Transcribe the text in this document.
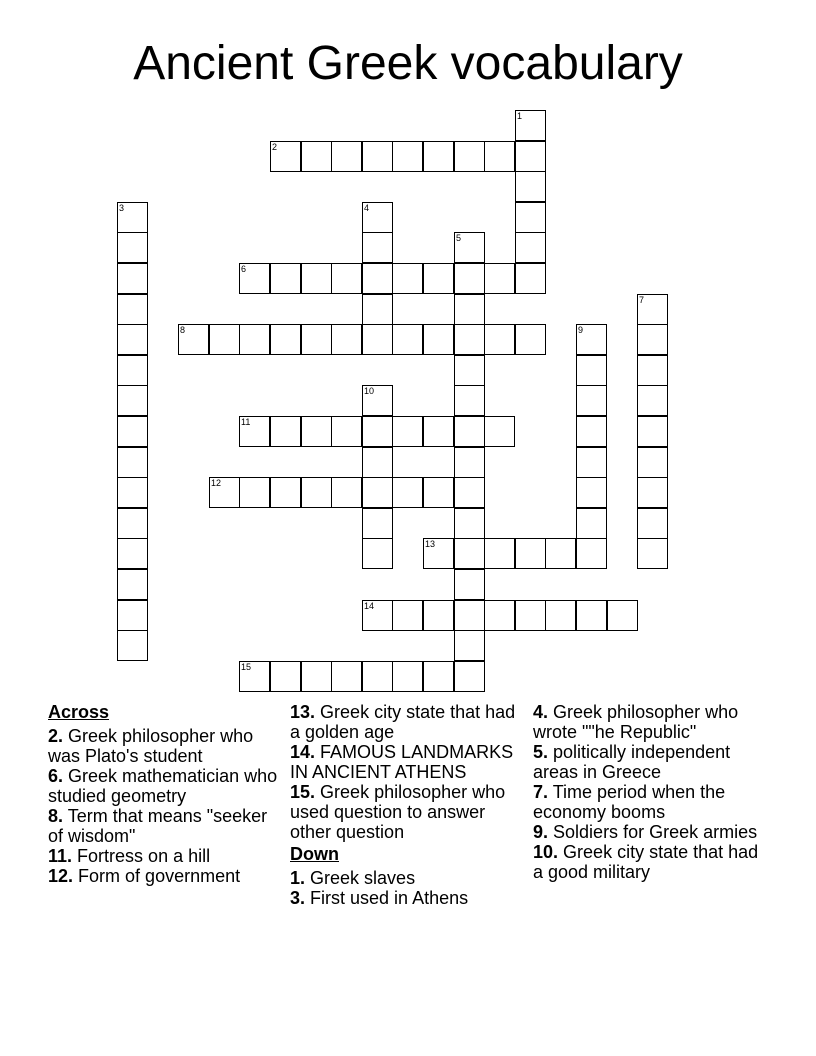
Ancient Greek vocabulary
1
2
3	4
5
6
7
8	9
10
11
12
13
14
15
Across
2. Greek philosopher who was Plato's student
6. Greek mathematician who studied geometry
8. Term that means "seeker of wisdom"
11. Fortress on a hill
12. Form of government
13. Greek city state that had a golden age
14. FAMOUS LANDMARKS IN ANCIENT ATHENS
15. Greek philosopher who used question to answer other question
Down
1. Greek slaves
3. First used in Athens
4. Greek philosopher who wrote ""he Republic"
5. politically independent areas in Greece
7. Time period when the economy booms
9. Soldiers for Greek armies
10. Greek city state that had a good military
